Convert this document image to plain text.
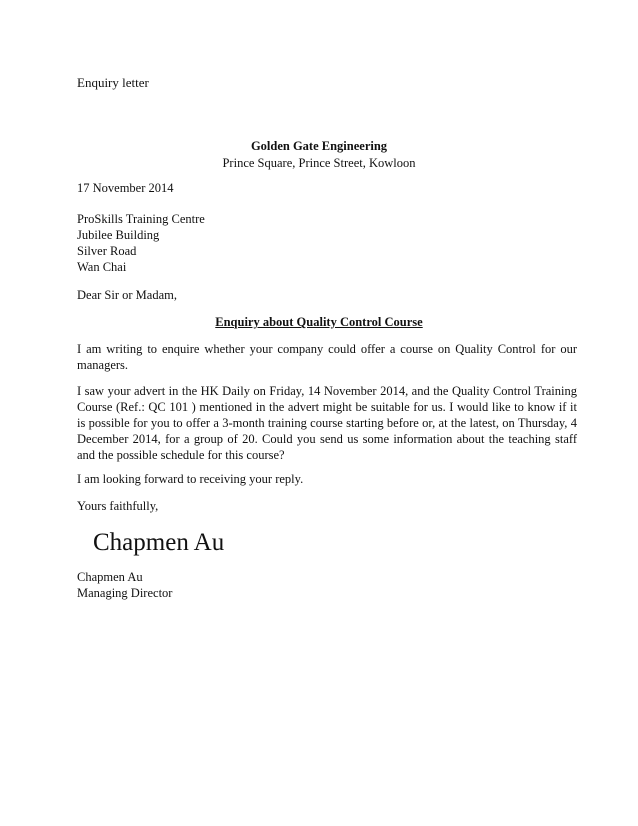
Enquiry letter
Golden Gate Engineering
Prince Square, Prince Street, Kowloon
17 November 2014
ProSkills Training Centre
Jubilee Building
Silver Road
Wan Chai
Dear Sir or Madam,
Enquiry about Quality Control Course
I am writing to enquire whether your company could offer a course on Quality Control for our managers.
I saw your advert in the HK Daily on Friday, 14 November 2014, and the Quality Control Training Course (Ref.: QC 101 ) mentioned in the advert might be suitable for us. I would like to know if it is possible for you to offer a 3-month training course starting before or, at the latest, on Thursday, 4 December 2014, for a group of 20. Could you send us some information about the teaching staff and the possible schedule for this course?
I am looking forward to receiving your reply.
Yours faithfully,
Chapmen Au
Chapmen Au
Managing Director
